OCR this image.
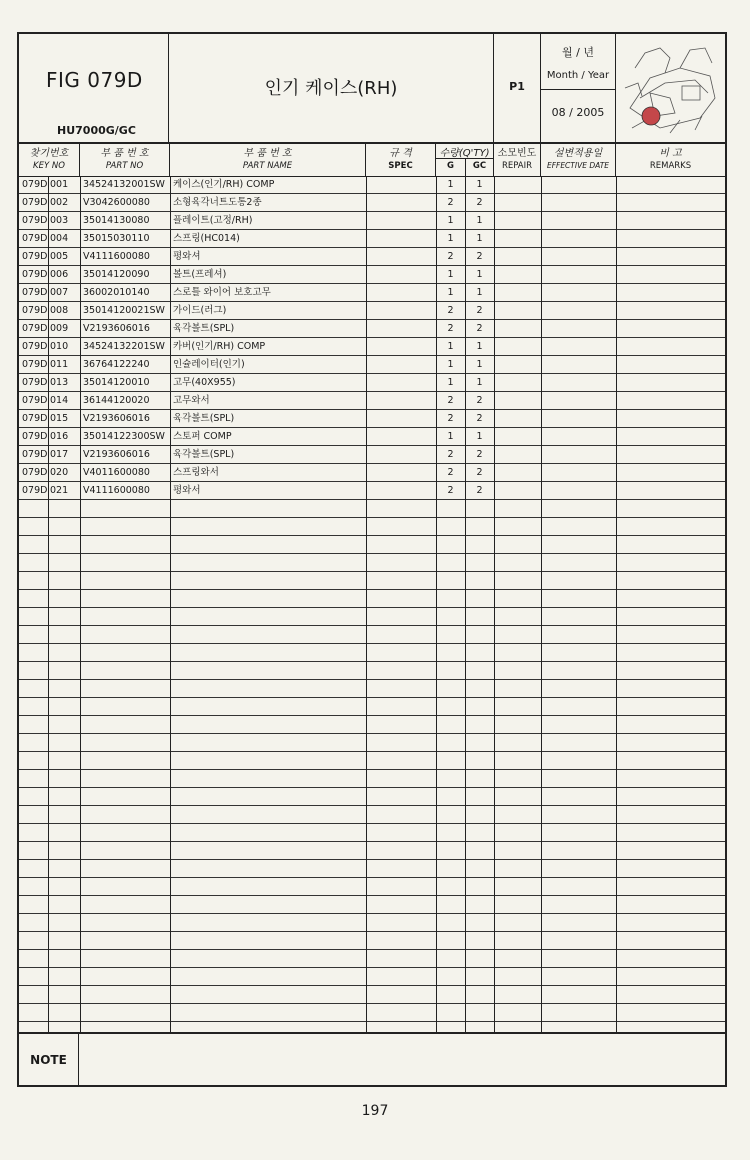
FIG 079D
HU7000G/GC
인기 케이스(RH)	P1
월 / 년
Month / Year
08 / 2005
찾기번호
KEY NO
부 품 번 호
PART NO
부 품 번 호
PART NAME
규 격
SPEC
수량(Q'TY)
G	GC
소모빈도
REPAIR
설변적용일
EFFECTIVE DATE
비 고
REMARKS
079D 001 34524132001SW 케이스(인기/RH) COMP	1	1
079D 002 V3042600080 소형육각너트도통2종	2	2
079D 003 35014130080 플레이트(고정/RH)	1	1
079D 004 35015030110 스프링(HC014)	1	1
079D 005 V4111600080 평와셔	2	2
079D 006 35014120090 볼트(프레셔)	1	1
079D 007 36002010140 스로틀 와이어 보호고무	1	1
079D 008 35014120021SW 가이드(러그)	2	2
079D 009 V2193606016 육각볼트(SPL)	2	2
079D 010 34524132201SW 카버(인기/RH) COMP	1	1
079D 011 36764122240 인슐레이터(인기)	1	1
079D 013 35014120010 고무(40X955)	1	1
079D 014 36144120020 고무와서	2	2
079D 015 V2193606016 육각볼트(SPL)	2	2
079D 016 35014122300SW 스토퍼 COMP	1	1
079D 017 V2193606016 육각볼트(SPL)	2	2
079D 020 V4011600080 스프링와서	2	2
079D 021 V4111600080 평와서	2	2
NOTE
197
